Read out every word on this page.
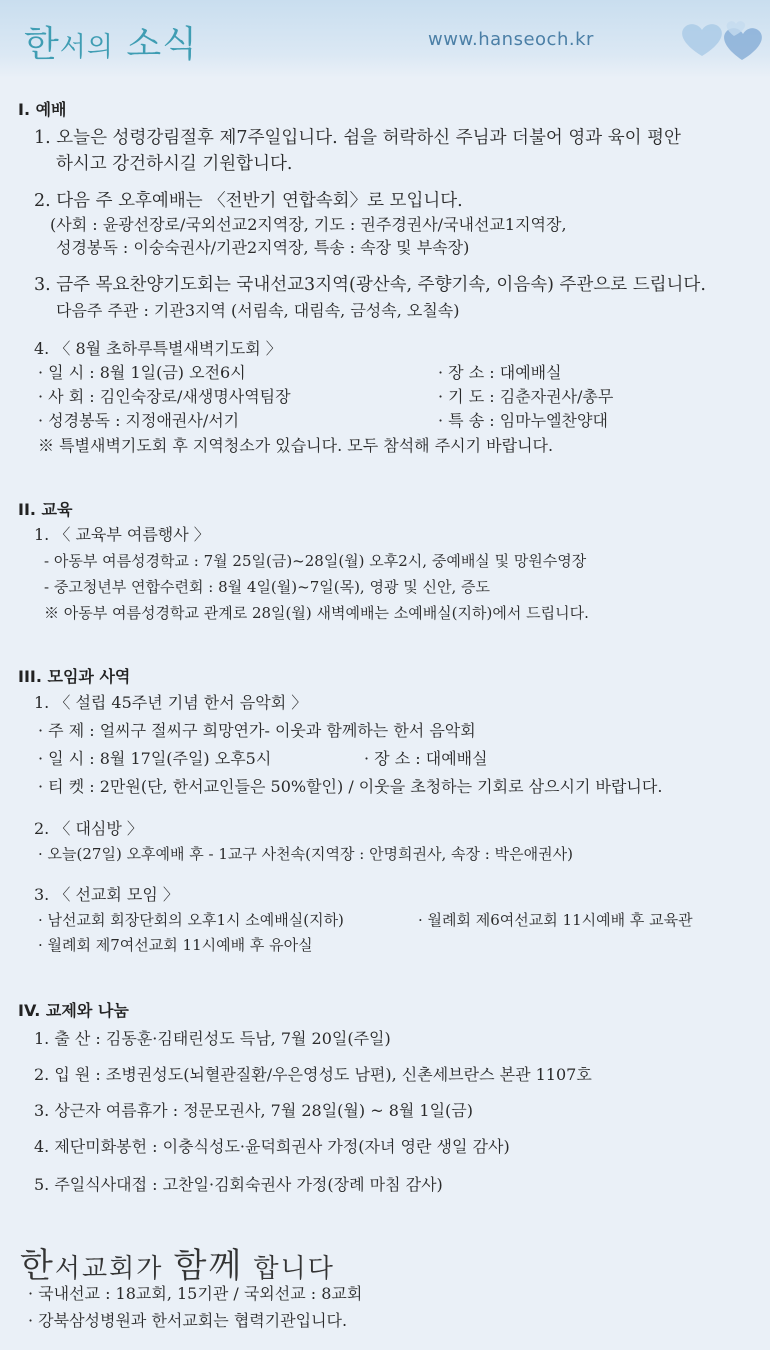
한서의 소식	www.hanseoch.kr
I. 예배
1. 오늘은 성령강림절후 제7주일입니다. 쉼을 허락하신 주님과 더불어 영과 육이 평안
하시고 강건하시길 기원합니다.
2. 다음 주 오후예배는 〈전반기 연합속회〉로 모입니다.
(사회 : 윤광선장로/국외선교2지역장, 기도 : 권주경권사/국내선교1지역장,
성경봉독 : 이숭숙권사/기관2지역장, 특송 : 속장 및 부속장)
3. 금주 목요찬양기도회는 국내선교3지역(광산속, 주향기속, 이음속) 주관으로 드립니다.
다음주 주관 : 기관3지역 (서림속, 대림속, 금성속, 오칠속)
4. 〈 8월 초하루특별새벽기도회 〉
· 일 시 : 8월 1일(금) 오전6시	· 장 소 : 대예배실
· 사 회 : 김인숙장로/새생명사역팀장	· 기 도 : 김춘자권사/총무
· 성경봉독 : 지정애권사/서기	· 특 송 : 임마누엘찬양대
※ 특별새벽기도회 후 지역청소가 있습니다. 모두 참석해 주시기 바랍니다.
II. 교육
1. 〈 교육부 여름행사 〉
- 아동부 여름성경학교 : 7월 25일(금)~28일(월) 오후2시, 중예배실 및 망원수영장
- 중고청년부 연합수련회 : 8월 4일(월)~7일(목), 영광 및 신안, 증도
※ 아동부 여름성경학교 관계로 28일(월) 새벽예배는 소예배실(지하)에서 드립니다.
III. 모임과 사역
1. 〈 설립 45주년 기념 한서 음악회 〉
· 주 제 : 얼씨구 절씨구 희망연가- 이웃과 함께하는 한서 음악회
· 일 시 : 8월 17일(주일) 오후5시	· 장 소 : 대예배실
· 티 켓 : 2만원(단, 한서교인들은 50%할인) / 이웃을 초청하는 기회로 삼으시기 바랍니다.
2. 〈 대심방 〉
· 오늘(27일) 오후예배 후 - 1교구 사천속(지역장 : 안명희권사, 속장 : 박은애권사)
3. 〈 선교회 모임 〉
· 남선교회 회장단회의 오후1시 소예배실(지하)	· 월례회 제6여선교회 11시예배 후 교육관
· 월례회 제7여선교회 11시예배 후 유아실
IV. 교제와 나눔
1. 출 산 : 김동훈·김태린성도 득남, 7월 20일(주일)
2. 입 원 : 조병권성도(뇌혈관질환/우은영성도 남편), 신촌세브란스 본관 1107호
3. 상근자 여름휴가 : 정문모권사, 7월 28일(월) ~ 8월 1일(금)
4. 제단미화봉헌 : 이충식성도·윤덕희권사 가정(자녀 영란 생일 감사)
5. 주일식사대접 : 고찬일·김회숙권사 가정(장례 마침 감사)
한서교회가 함께 합니다
· 국내선교 : 18교회, 15기관 / 국외선교 : 8교회
· 강북삼성병원과 한서교회는 협력기관입니다.
